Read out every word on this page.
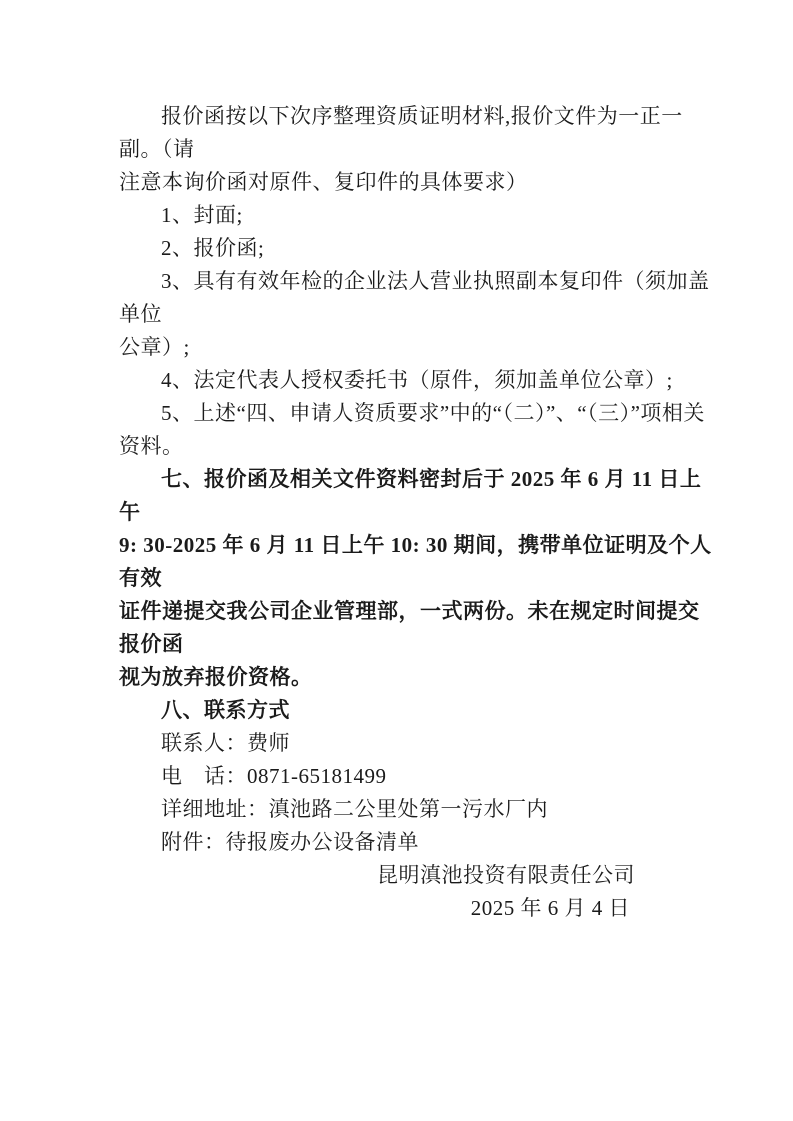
报价函按以下次序整理资质证明材料,报价文件为一正一副。（请

注意本询价函对原件、复印件的具体要求）

1、封面;

2、报价函;

3、具有有效年检的企业法人营业执照副本复印件（须加盖单位

公章）;

4、法定代表人授权委托书（原件，须加盖单位公章）;

5、上述“四、申请人资质要求”中的“（二）”、“（三）”项相关

资料。

七、报价函及相关文件资料密封后于 2025 年 6 月 11 日上午

9: 30-2025 年 6 月 11 日上午 10: 30 期间，携带单位证明及个人有效

证件递提交我公司企业管理部，一式两份。未在规定时间提交报价函

视为放弃报价资格。

八、联系方式

联系人：费师

电　话：0871-65181499

详细地址：滇池路二公里处第一污水厂内

附件：待报废办公设备清单

昆明滇池投资有限责任公司

2025 年 6 月 4 日
